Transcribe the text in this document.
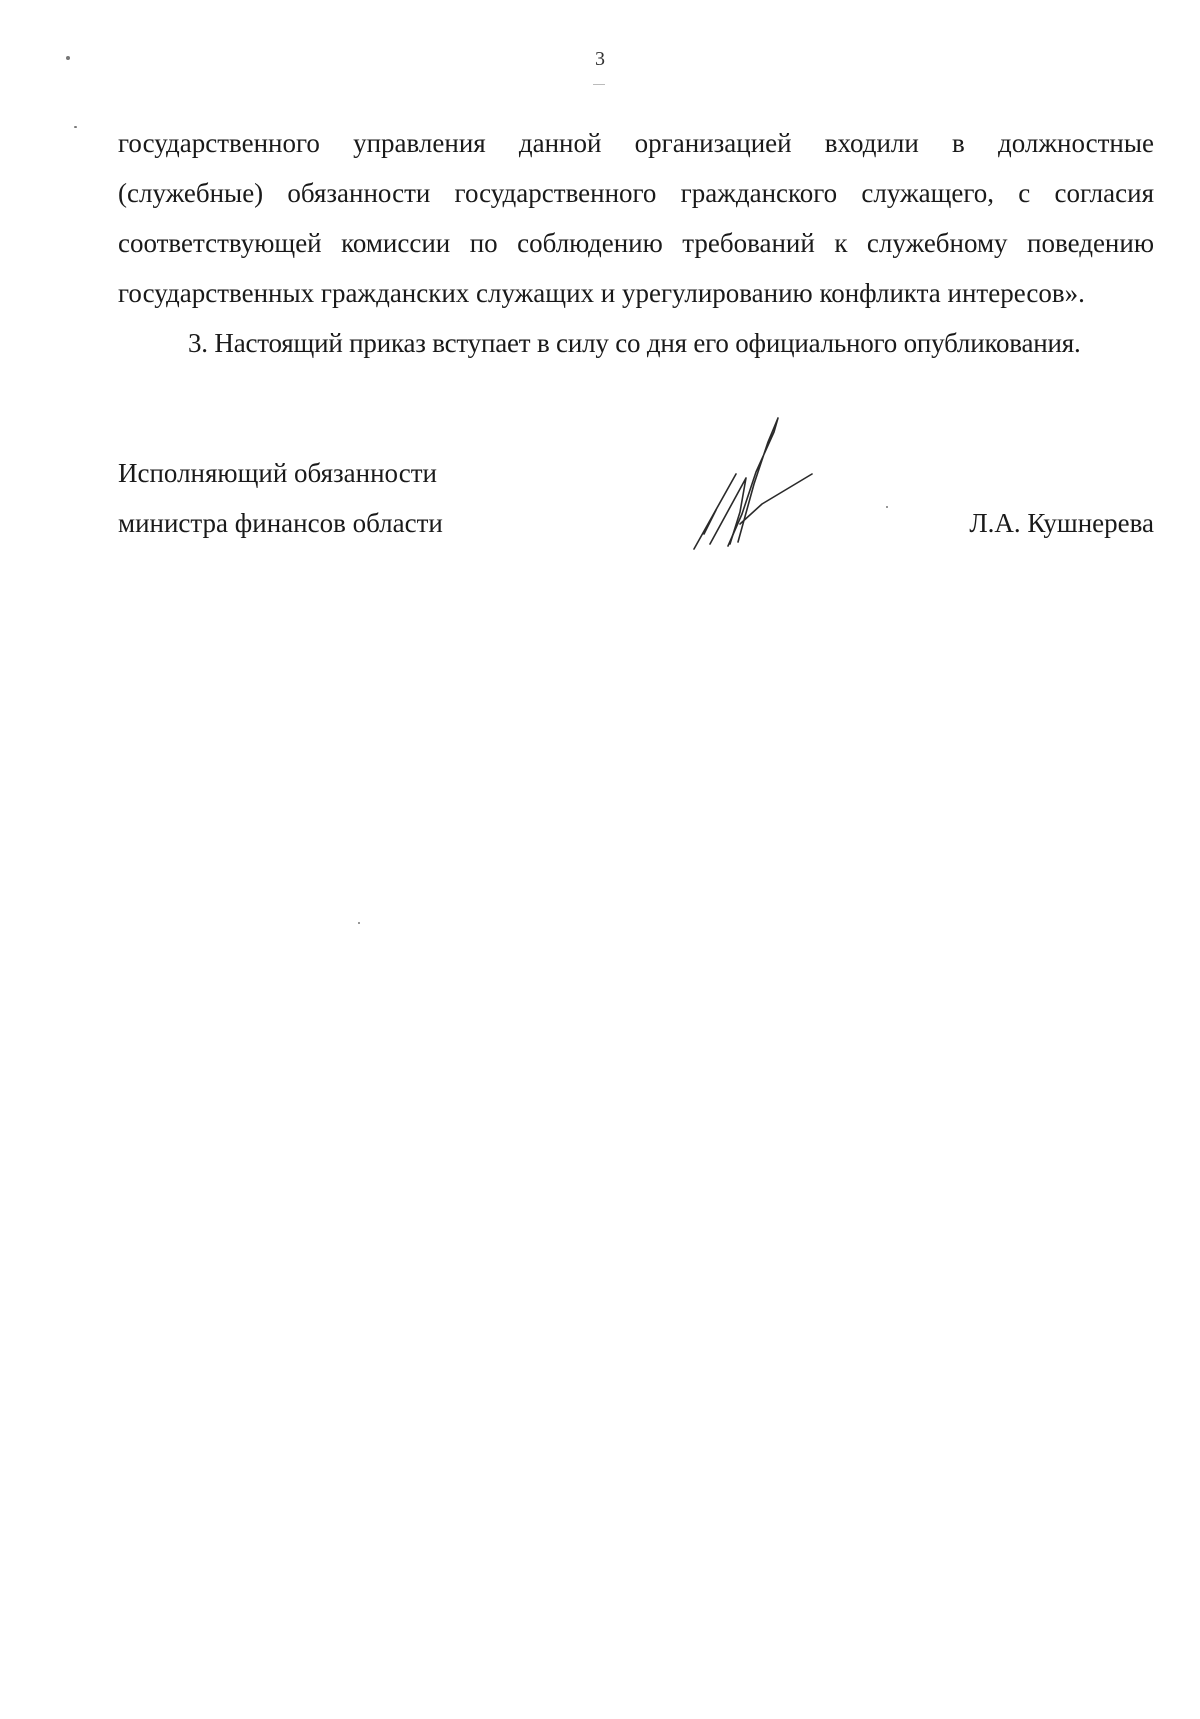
3

государственного управления данной организацией входили в должностные

(служебные) обязанности государственного гражданского служащего, с согласия

соответствующей комиссии по соблюдению требований к служебному поведению

государственных гражданских служащих и урегулированию конфликта интересов».

3. Настоящий приказ вступает в силу со дня его официального опубликования.

Исполняющий обязанности
министра финансов области	Л.А. Кушнерева
